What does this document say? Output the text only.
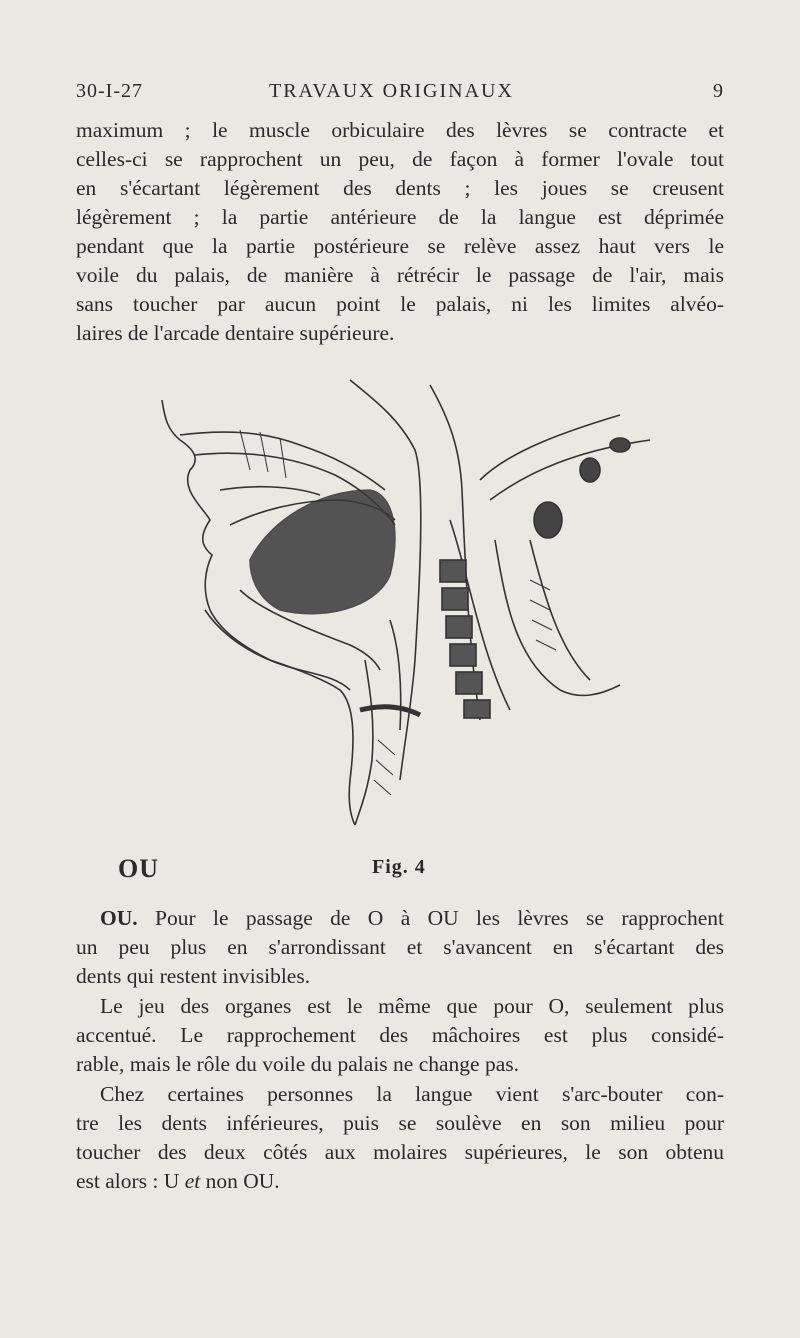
30-I-27	TRAVAUX ORIGINAUX	9
maximum ; le muscle orbiculaire des lèvres se contracte et
celles-ci se rapprochent un peu, de façon à former l'ovale tout
en s'écartant légèrement des dents ; les joues se creusent
légèrement ; la partie antérieure de la langue est déprimée
pendant que la partie postérieure se relève assez haut vers le
voile du palais, de manière à rétrécir le passage de l'air, mais
sans toucher par aucun point le palais, ni les limites alvéo-
laires de l'arcade dentaire supérieure.
OU	Fig. 4
OU. Pour le passage de O à OU les lèvres se rapprochent
un peu plus en s'arrondissant et s'avancent en s'écartant des
dents qui restent invisibles.
Le jeu des organes est le même que pour O, seulement plus
accentué. Le rapprochement des mâchoires est plus considé-
rable, mais le rôle du voile du palais ne change pas.
Chez certaines personnes la langue vient s'arc-bouter con-
tre les dents inférieures, puis se soulève en son milieu pour
toucher des deux côtés aux molaires supérieures, le son obtenu
est alors : U et non OU.
